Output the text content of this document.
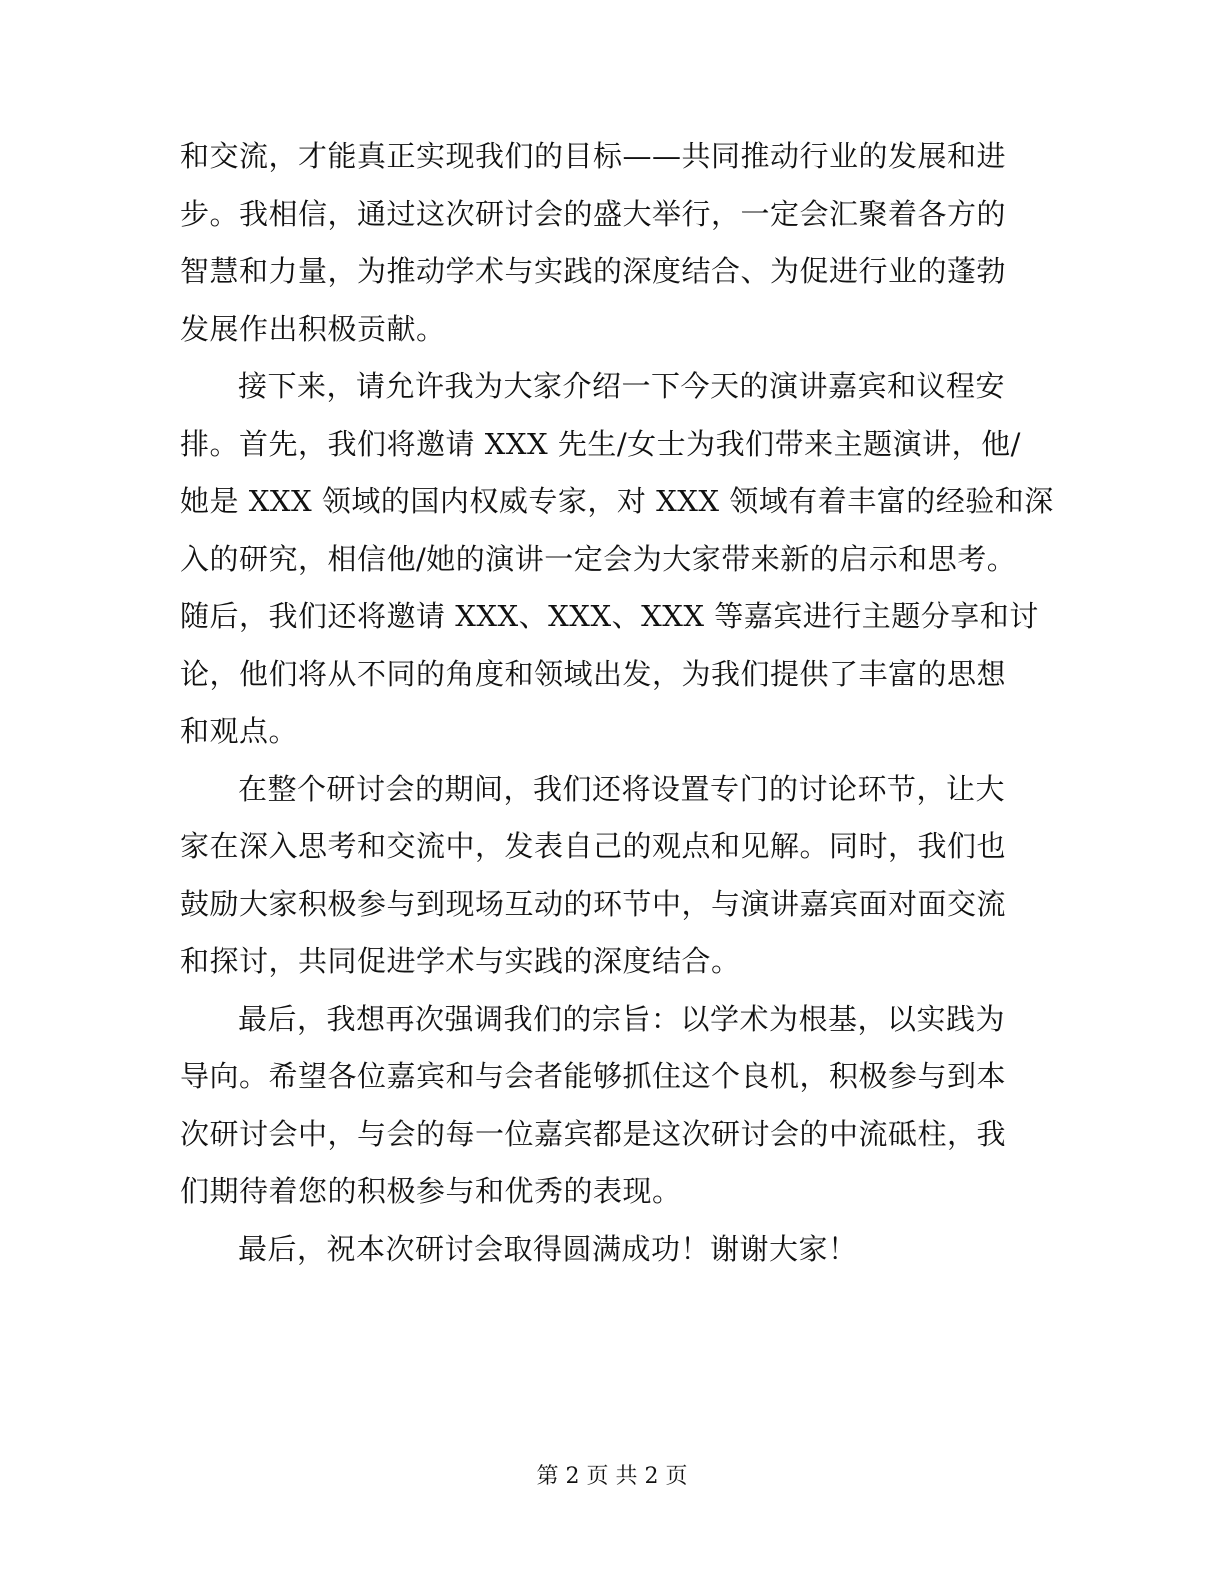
和交流，才能真正实现我们的目标——共同推动行业的发展和进
步。我相信，通过这次研讨会的盛大举行，一定会汇聚着各方的
智慧和力量，为推动学术与实践的深度结合、为促进行业的蓬勃
发展作出积极贡献。
接下来，请允许我为大家介绍一下今天的演讲嘉宾和议程安
排。首先，我们将邀请 XXX 先生/女士为我们带来主题演讲，他/
她是 XXX 领域的国内权威专家，对 XXX 领域有着丰富的经验和深
入的研究，相信他/她的演讲一定会为大家带来新的启示和思考。
随后，我们还将邀请 XXX、XXX、XXX 等嘉宾进行主题分享和讨
论，他们将从不同的角度和领域出发，为我们提供了丰富的思想
和观点。
在整个研讨会的期间，我们还将设置专门的讨论环节，让大
家在深入思考和交流中，发表自己的观点和见解。同时，我们也
鼓励大家积极参与到现场互动的环节中，与演讲嘉宾面对面交流
和探讨，共同促进学术与实践的深度结合。
最后，我想再次强调我们的宗旨：以学术为根基，以实践为
导向。希望各位嘉宾和与会者能够抓住这个良机，积极参与到本
次研讨会中，与会的每一位嘉宾都是这次研讨会的中流砥柱，我
们期待着您的积极参与和优秀的表现。
最后，祝本次研讨会取得圆满成功！谢谢大家！
第 2 页 共 2 页
